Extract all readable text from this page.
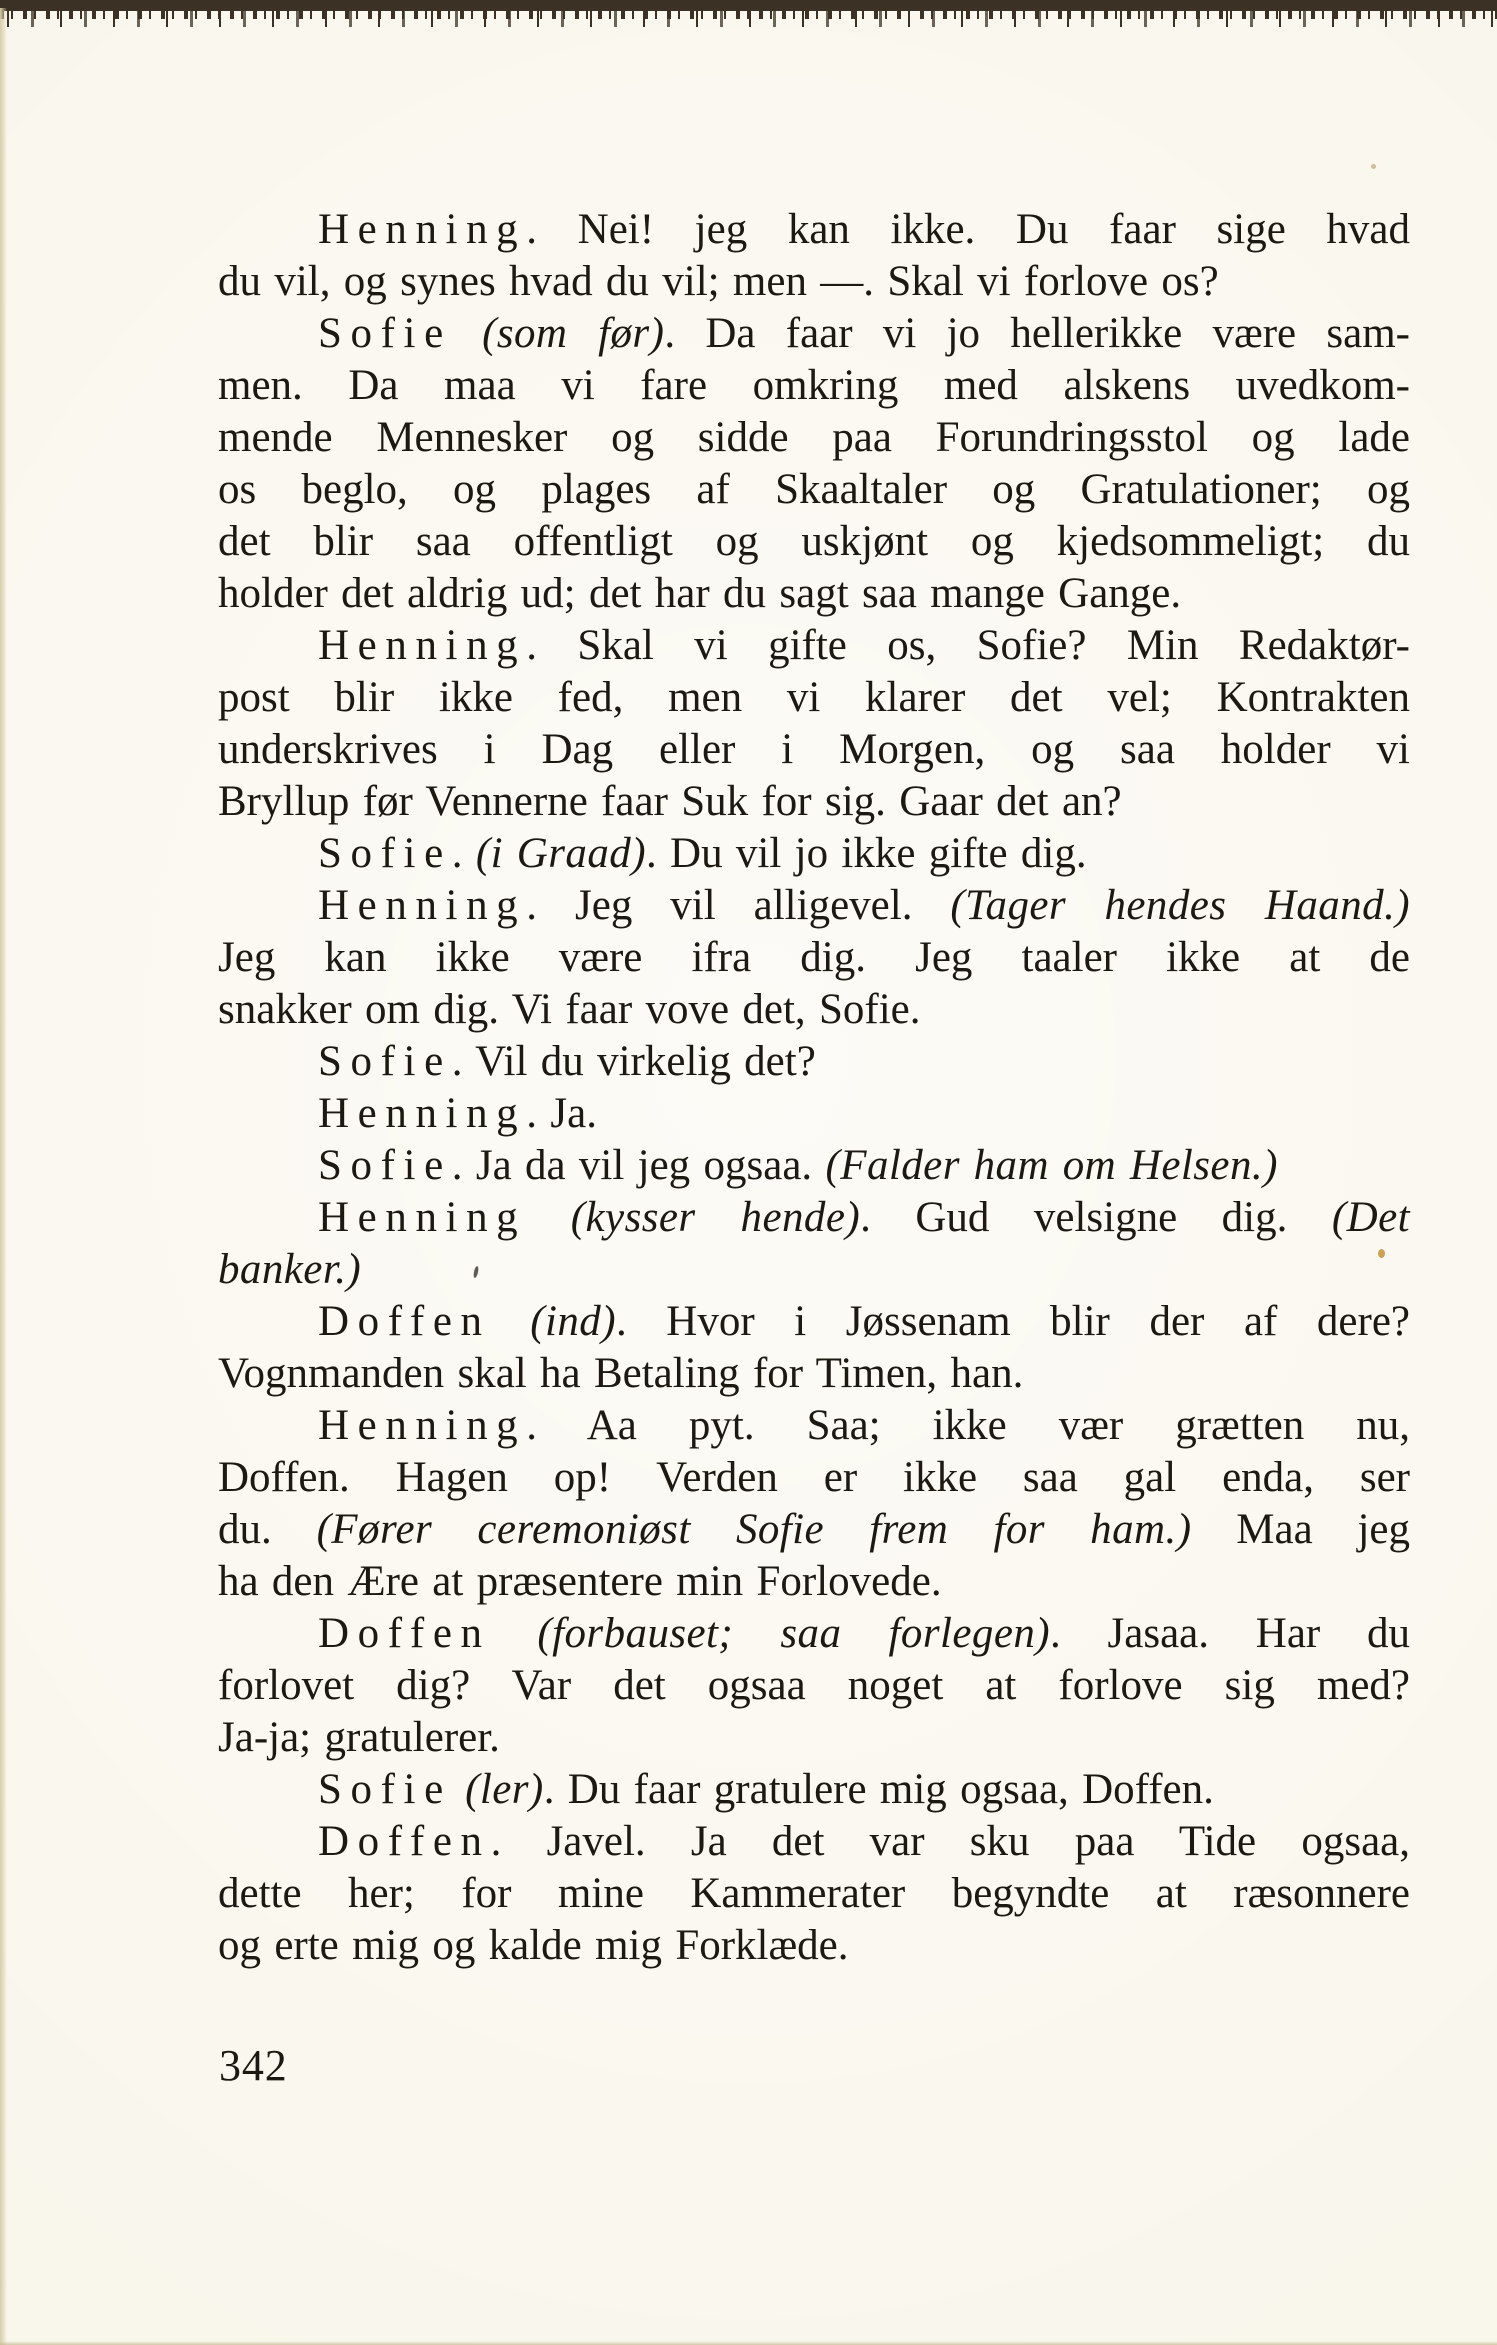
Henning. Nei! jeg kan ikke. Du faar sige hvad
du vil, og synes hvad du vil; men —. Skal vi forlove os?
Sofie (som før). Da faar vi jo hellerikke være sam-
men. Da maa vi fare omkring med alskens uvedkom-
mende Mennesker og sidde paa Forundringsstol og lade
os beglo, og plages af Skaaltaler og Gratulationer; og
det blir saa offentligt og uskjønt og kjedsommeligt; du
holder det aldrig ud; det har du sagt saa mange Gange.
Henning. Skal vi gifte os, Sofie? Min Redaktør-
post blir ikke fed, men vi klarer det vel; Kontrakten
underskrives i Dag eller i Morgen, og saa holder vi
Bryllup før Vennerne faar Suk for sig. Gaar det an?
Sofie. (i Graad). Du vil jo ikke gifte dig.
Henning. Jeg vil alligevel. (Tager hendes Haand.)
Jeg kan ikke være ifra dig. Jeg taaler ikke at de
snakker om dig. Vi faar vove det, Sofie.
Sofie. Vil du virkelig det?
Henning. Ja.
Sofie. Ja da vil jeg ogsaa. (Falder ham om Helsen.)
Henning (kysser hende). Gud velsigne dig. (Det
banker.)
Doffen (ind). Hvor i Jøssenam blir der af dere?
Vognmanden skal ha Betaling for Timen, han.
Henning. Aa pyt. Saa; ikke vær grætten nu,
Doffen. Hagen op! Verden er ikke saa gal enda, ser
du. (Fører ceremoniøst Sofie frem for ham.) Maa jeg
ha den Ære at præsentere min Forlovede.
Doffen (forbauset; saa forlegen). Jasaa. Har du
forlovet dig? Var det ogsaa noget at forlove sig med?
Ja-ja; gratulerer.
Sofie (ler). Du faar gratulere mig ogsaa, Doffen.
Doffen. Javel. Ja det var sku paa Tide ogsaa,
dette her; for mine Kammerater begyndte at ræsonnere
og erte mig og kalde mig Forklæde.
342
